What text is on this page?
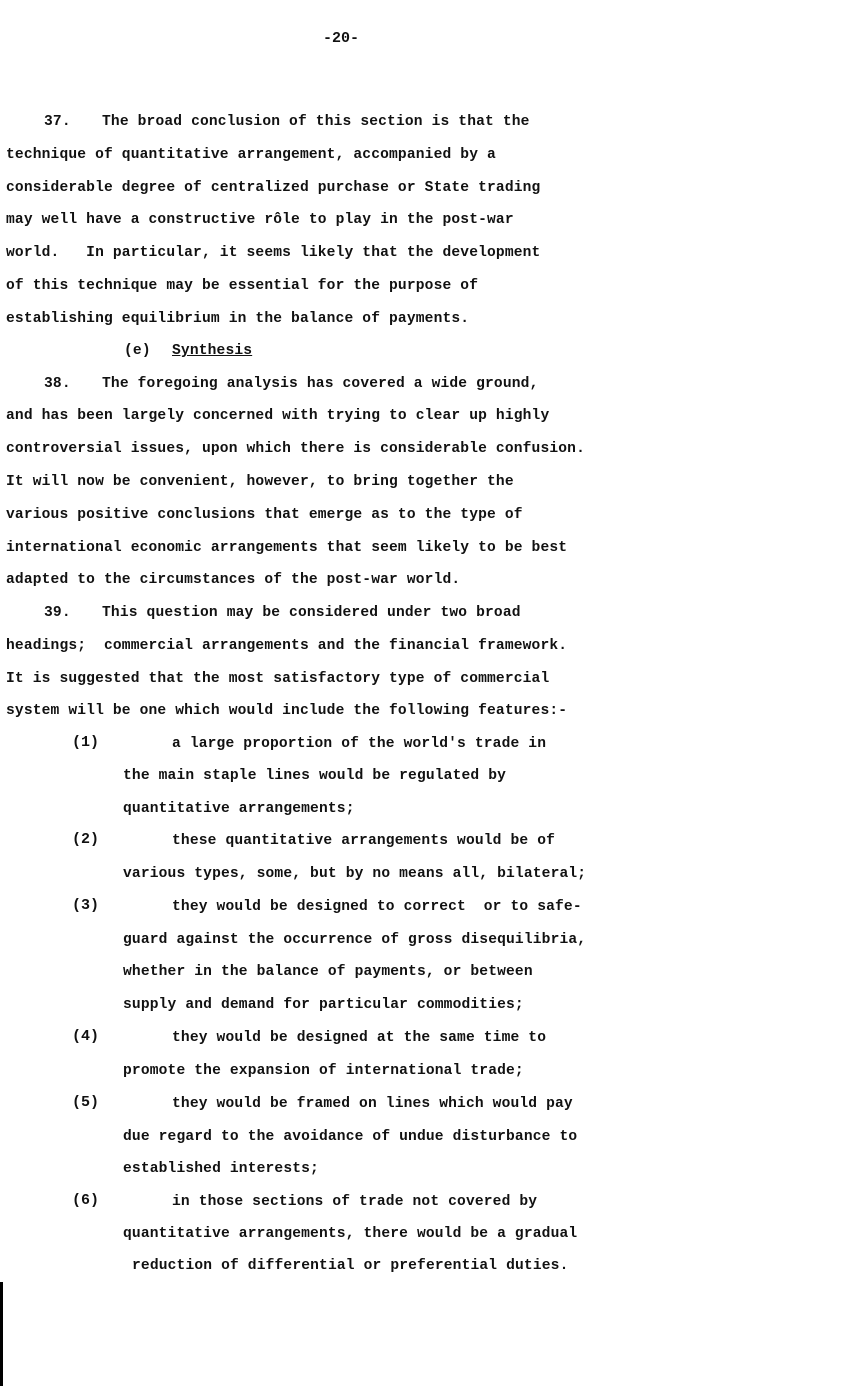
-20-
37. The broad conclusion of this section is that the
technique of quantitative arrangement, accompanied by a
considerable degree of centralized purchase or State trading
may well have a constructive rôle to play in the post-war
world.   In particular, it seems likely that the development
of this technique may be essential for the purpose of
establishing equilibrium in the balance of payments.
(e) Synthesis
38. The foregoing analysis has covered a wide ground,
and has been largely concerned with trying to clear up highly
controversial issues, upon which there is considerable confusion.
It will now be convenient, however, to bring together the
various positive conclusions that emerge as to the type of
international economic arrangements that seem likely to be best
adapted to the circumstances of the post-war world.
39. This question may be considered under two broad
headings;  commercial arrangements and the financial framework.
It is suggested that the most satisfactory type of commercial
system will be one which would include the following features:-
(1)	a large proportion of the world's trade in
the main staple lines would be regulated by
quantitative arrangements;
(2)	these quantitative arrangements would be of
various types, some, but by no means all, bilateral;
(3)	they would be designed to correct  or to safe-
guard against the occurrence of gross disequilibria,
whether in the balance of payments, or between
supply and demand for particular commodities;
(4)	they would be designed at the same time to
promote the expansion of international trade;
(5)	they would be framed on lines which would pay
due regard to the avoidance of undue disturbance to
established interests;
(6)	in those sections of trade not covered by
quantitative arrangements, there would be a gradual
reduction of differential or preferential duties.
